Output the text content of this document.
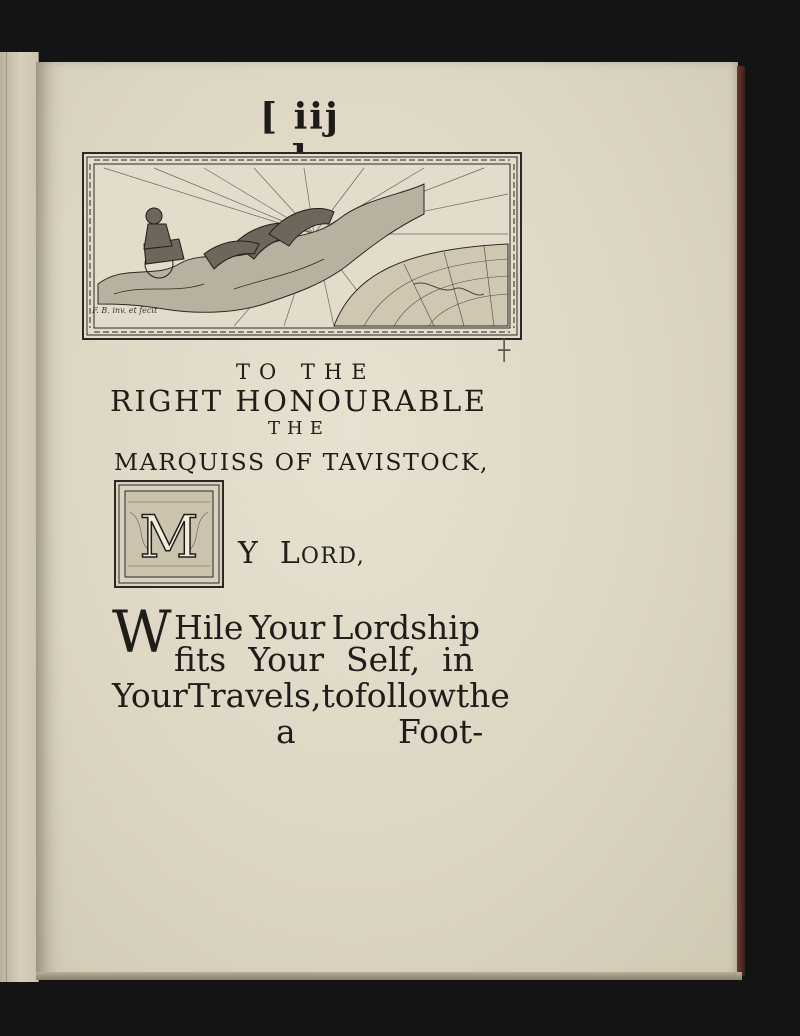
[ iij
F. B. inv. et fecit
┼
TO THE
RIGHT HONOURABLE
THE
MARQUISS OF TAVISTOCK,
M Y LORD,
W Hile Your Lordship
fits Your Self, in
Your Travels, to follow the
a	Foot-
